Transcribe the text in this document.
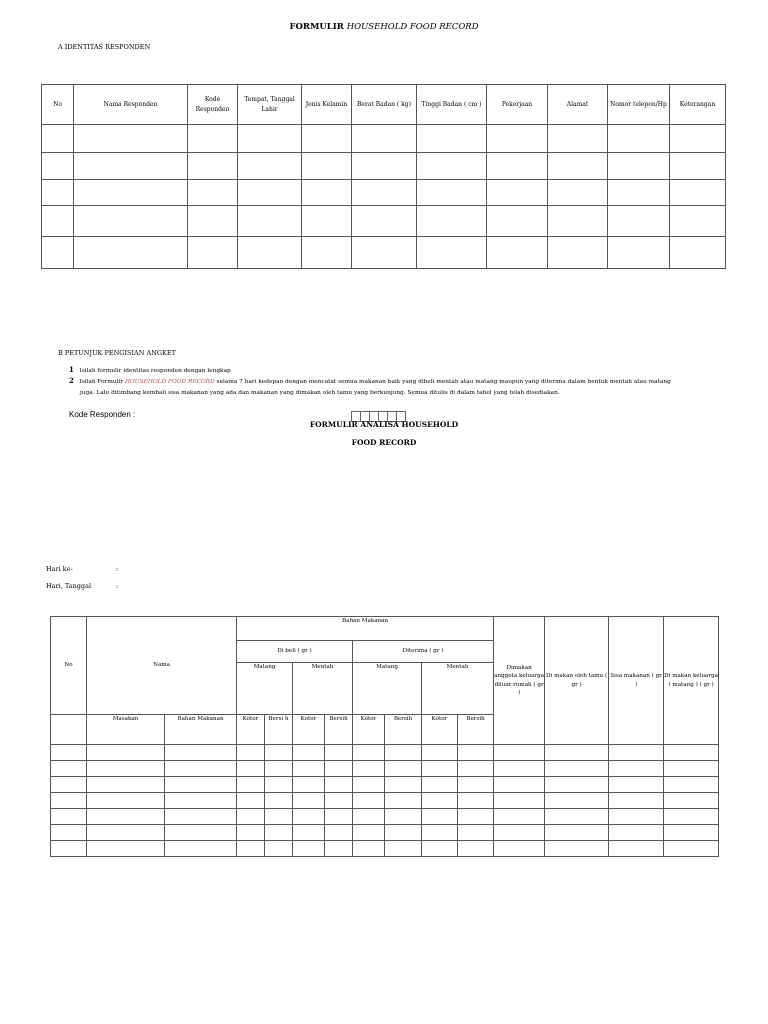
FORMULIR HOUSEHOLD FOOD RECORD
A IDENTITAS RESPONDEN
No	Nama Responden	Kode Responden	Tempat, Tanggal Lahir	Jenis Kelamin	Berat Badan ( kg)	Tinggi Badan ( cm )	Pekerjaan	Alamat	Nomor telepon/Hp	Keterangan

B PETUNJUK PENGISIAN ANGKET
1 Isilah formulir identitas responden dengan lengkap
2 Isilah Formulir HOUSEHOLD FOOD RECORD selama 7 hari kedepan dengan mencatat semua makanan baik yang dibeli mentah atau matang maupun yang diterima dalam bentuk mentah atau matang
juga. Lalu ditimbang kembali sisa makanan yang ada dan makanan yang dimakan oleh tamu yang berkunjung. Semua ditulis di dalam tabel yang telah disediakan.
Kode Responden :
FORMULIR ANALISA HOUSEHOLD
FOOD RECORD
Hari ke-	:
Hari, Tanggal	:
No	Nama		Bahan Makanan								Dimakan anggota keluarga diluar rumah ( gr )	Di makan oleh tamu ( gr )	Sisa makanan ( gr )	Di makan keluarga ( matang ) ( gr )
			Di beli ( gr )				Diterima ( gr )							
			Matang		Mentah		Matang		Mentah					

	Masakan	Bahan Makanan	Kotor	Bersi h	Kotor	Bersih	Kotor	Bersih	Kotor	Bersih				
